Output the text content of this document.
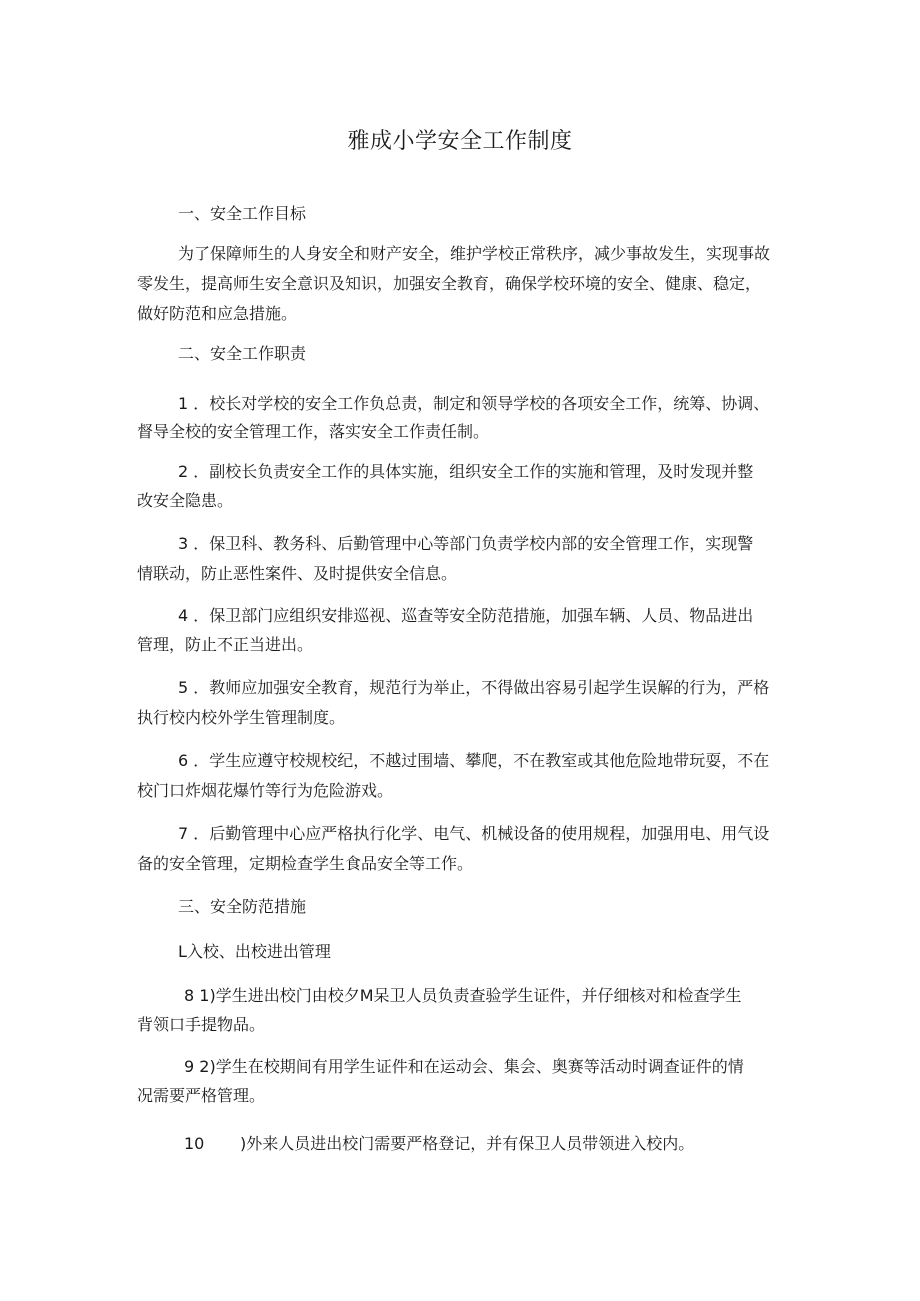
雅成小学安全工作制度
一、安全工作目标
为了保障师生的人身安全和财产安全，维护学校正常秩序，减少事故发生，实现事故
零发生，提高师生安全意识及知识，加强安全教育，确保学校环境的安全、健康、稳定，
做好防范和应急措施。
二、安全工作职责
1 ．校长对学校的安全工作负总责，制定和领导学校的各项安全工作，统筹、协调、
督导全校的安全管理工作，落实安全工作责任制。
2 ．副校长负责安全工作的具体实施，组织安全工作的实施和管理，及时发现并整
改安全隐患。
3 ．保卫科、教务科、后勤管理中心等部门负责学校内部的安全管理工作，实现警
情联动，防止恶性案件、及时提供安全信息。
4 ．保卫部门应组织安排巡视、巡查等安全防范措施，加强车辆、人员、物品进出
管理，防止不正当进出。
5 ．教师应加强安全教育，规范行为举止，不得做出容易引起学生误解的行为，严格
执行校内校外学生管理制度。
6 ．学生应遵守校规校纪，不越过围墙、攀爬，不在教室或其他危险地带玩耍，不在
校门口炸烟花爆竹等行为危险游戏。
7 ．后勤管理中心应严格执行化学、电气、机械设备的使用规程，加强用电、用气设
备的安全管理，定期检查学生食品安全等工作。
三、安全防范措施
L入校、出校进出管理
8 1)学生进出校门由校夕M呆卫人员负责查验学生证件，并仔细核对和检查学生
背领口手提物品。
9 2)学生在校期间有用学生证件和在运动会、集会、奥赛等活动时调查证件的情
况需要严格管理。
10 )外来人员进出校门需要严格登记，并有保卫人员带领进入校内。
